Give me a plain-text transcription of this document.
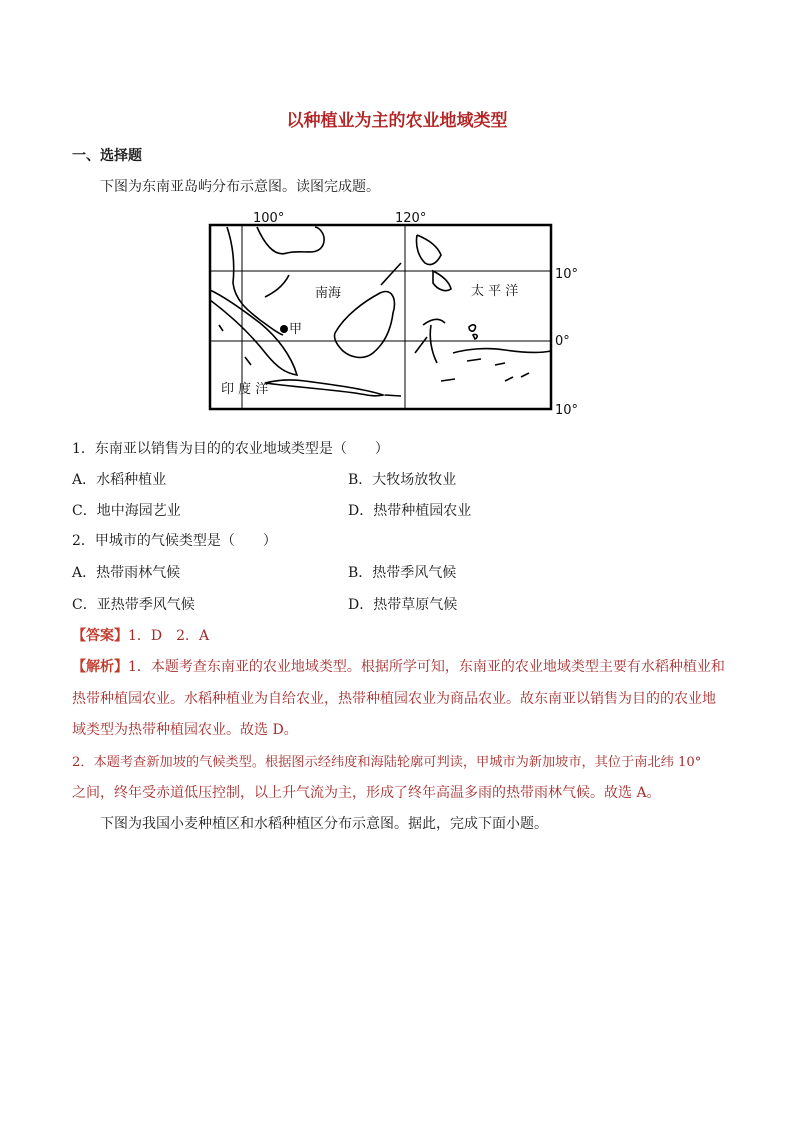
以种植业为主的农业地域类型
一、选择题
下图为东南亚岛屿分布示意图。读图完成题。
100°	120°
10°
0°
10°
南海	太 平 洋
甲
印 度 洋
1．东南亚以销售为目的的农业地域类型是（　　）
A．水稻种植业	B．大牧场放牧业
C．地中海园艺业	D．热带种植园农业
2．甲城市的气候类型是（　　）
A．热带雨林气候	B．热带季风气候
C．亚热带季风气候	D．热带草原气候
【答案】1．D　2．A
【解析】1．本题考查东南亚的农业地域类型。根据所学可知，东南亚的农业地域类型主要有水稻种植业和
热带种植园农业。水稻种植业为自给农业，热带种植园农业为商品农业。故东南亚以销售为目的的农业地
域类型为热带种植园农业。故选 D。
2．本题考查新加坡的气候类型。根据图示经纬度和海陆轮廓可判读，甲城市为新加坡市，其位于南北纬 10°
之间，终年受赤道低压控制，以上升气流为主，形成了终年高温多雨的热带雨林气候。故选 A。
下图为我国小麦种植区和水稻种植区分布示意图。据此，完成下面小题。
